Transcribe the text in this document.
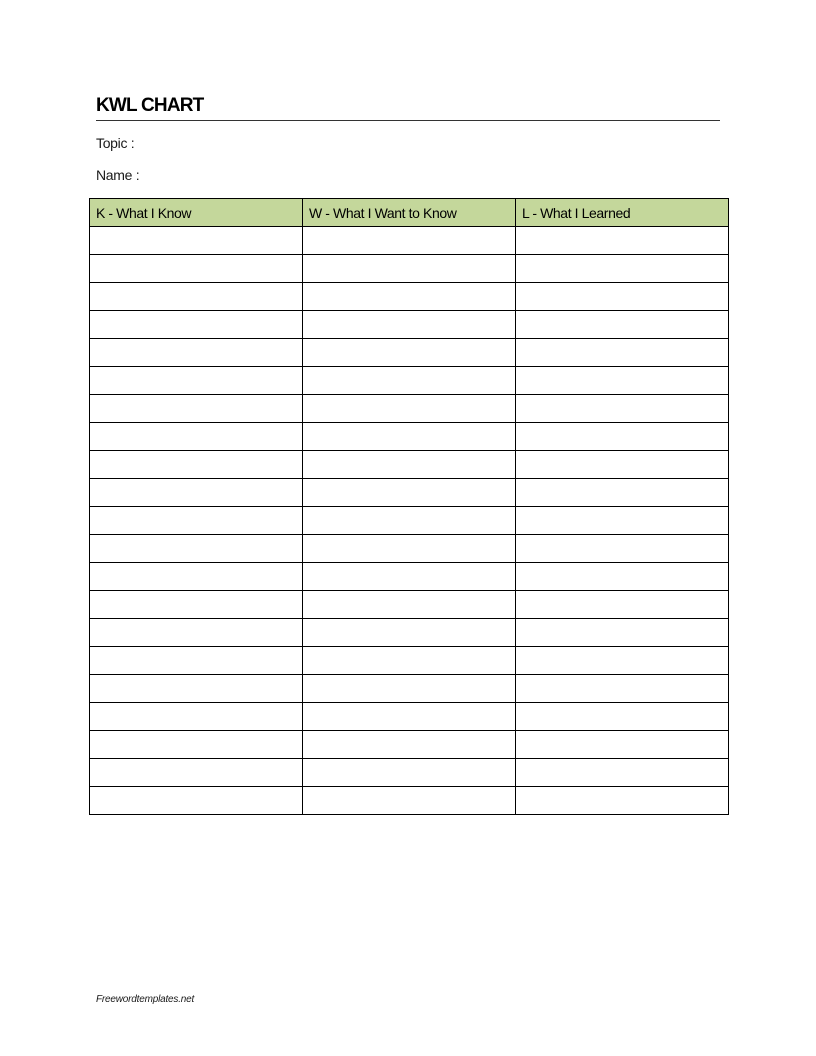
KWL CHART
Topic :
Name :
K - What I Know	W - What I Want to Know	L - What I Learned

Freewordtemplates.net
